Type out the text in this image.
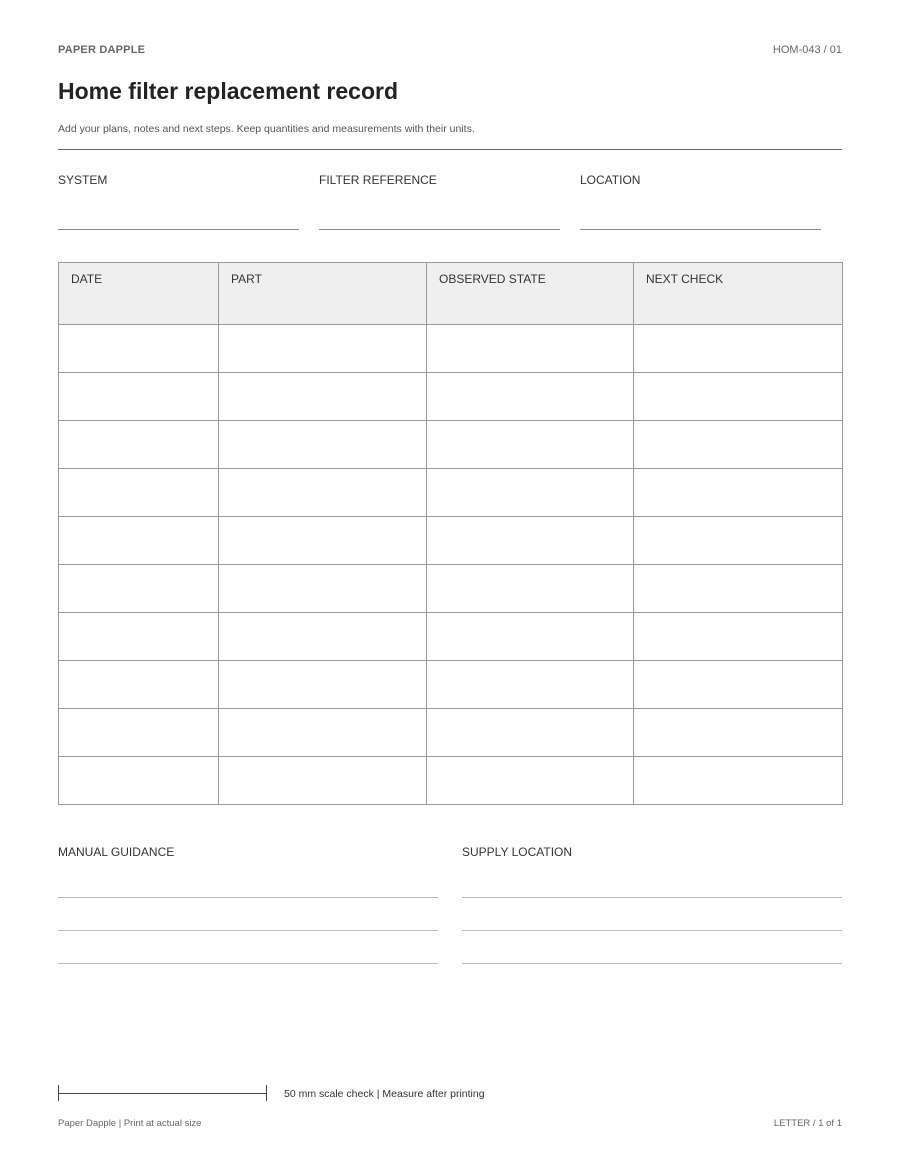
PAPER DAPPLE	HOM-043 / 01
Home filter replacement record
Add your plans, notes and next steps. Keep quantities and measurements with their units.
SYSTEM	FILTER REFERENCE	LOCATION
DATE	PART	OBSERVED STATE	NEXT CHECK

MANUAL GUIDANCE	SUPPLY LOCATION
50 mm scale check | Measure after printing
Paper Dapple | Print at actual size	LETTER / 1 of 1
